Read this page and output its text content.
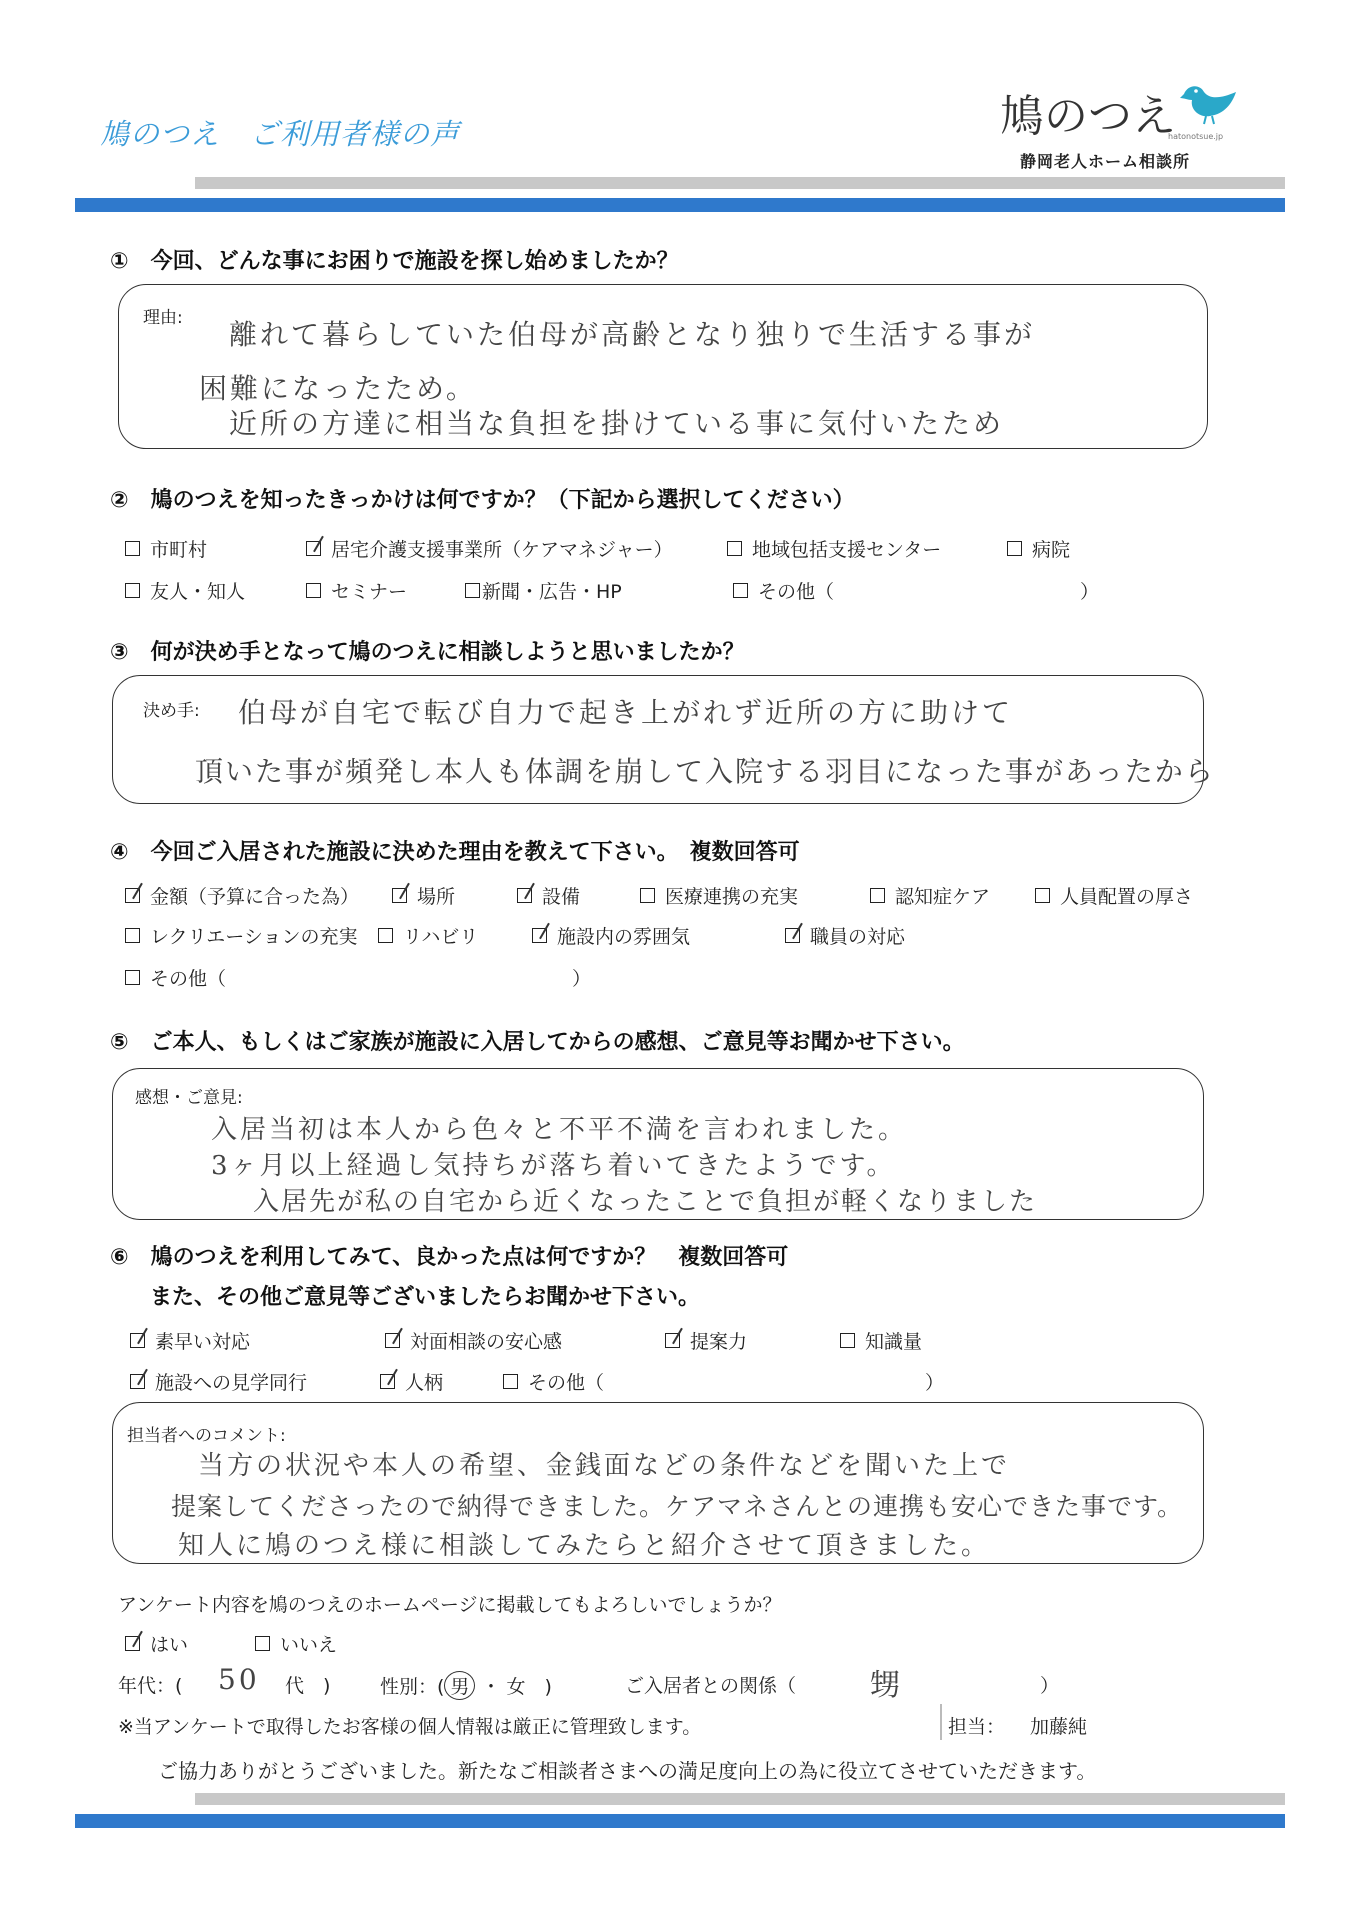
鳩のつえ　ご利用者様の声	鳩のつえ
hatonotsue.jp
静岡老人ホーム相談所
①　今回、どんな事にお困りで施設を探し始めましたか？
理由: 離れて暮らしていた伯母が高齢となり独りで生活する事が
困難になったため。
近所の方達に相当な負担を掛けている事に気付いたため
②　鳩のつえを知ったきっかけは何ですか？（下記から選択してください）
市町村	居宅介護支援事業所（ケアマネジャー）	地域包括支援センター	病院
友人・知人	セミナー	新聞・広告・HP	その他（	）
③　何が決め手となって鳩のつえに相談しようと思いましたか？
決め手: 伯母が自宅で転び自力で起き上がれず近所の方に助けて
頂いた事が頻発し本人も体調を崩して入院する羽目になった事があったから
④　今回ご入居された施設に決めた理由を教えて下さい。　複数回答可
金額（予算に合った為）	場所	設備	医療連携の充実	認知症ケア	人員配置の厚さ
レクリエーションの充実 リハビリ	施設内の雰囲気	職員の対応
その他（	）
⑤　ご本人、もしくはご家族が施設に入居してからの感想、ご意見等お聞かせ下さい。
感想・ご意見:
入居当初は本人から色々と不平不満を言われました。
3ヶ月以上経過し気持ちが落ち着いてきたようです。
入居先が私の自宅から近くなったことで負担が軽くなりました
⑥　鳩のつえを利用してみて、良かった点は何ですか？　複数回答可
また、その他ご意見等ございましたらお聞かせ下さい。
素早い対応	対面相談の安心感	提案力	知識量
施設への見学同行	人柄	その他（	）
担当者へのコメント:
当方の状況や本人の希望、金銭面などの条件などを聞いた上で
提案してくださったので納得できました。ケアマネさんとの連携も安心できた事です。
知人に鳩のつえ様に相談してみたらと紹介させて頂きました。
アンケート内容を鳩のつえのホームページに掲載してもよろしいでしょうか？
はい	いいえ
年代：( 50 代　)	性別：( 男 ・ 女　)	ご入居者との関係（ 甥	）
※当アンケートで取得したお客様の個人情報は厳正に管理致します。	担当： 加藤純
ご協力ありがとうございました。新たなご相談者さまへの満足度向上の為に役立てさせていただきます。
